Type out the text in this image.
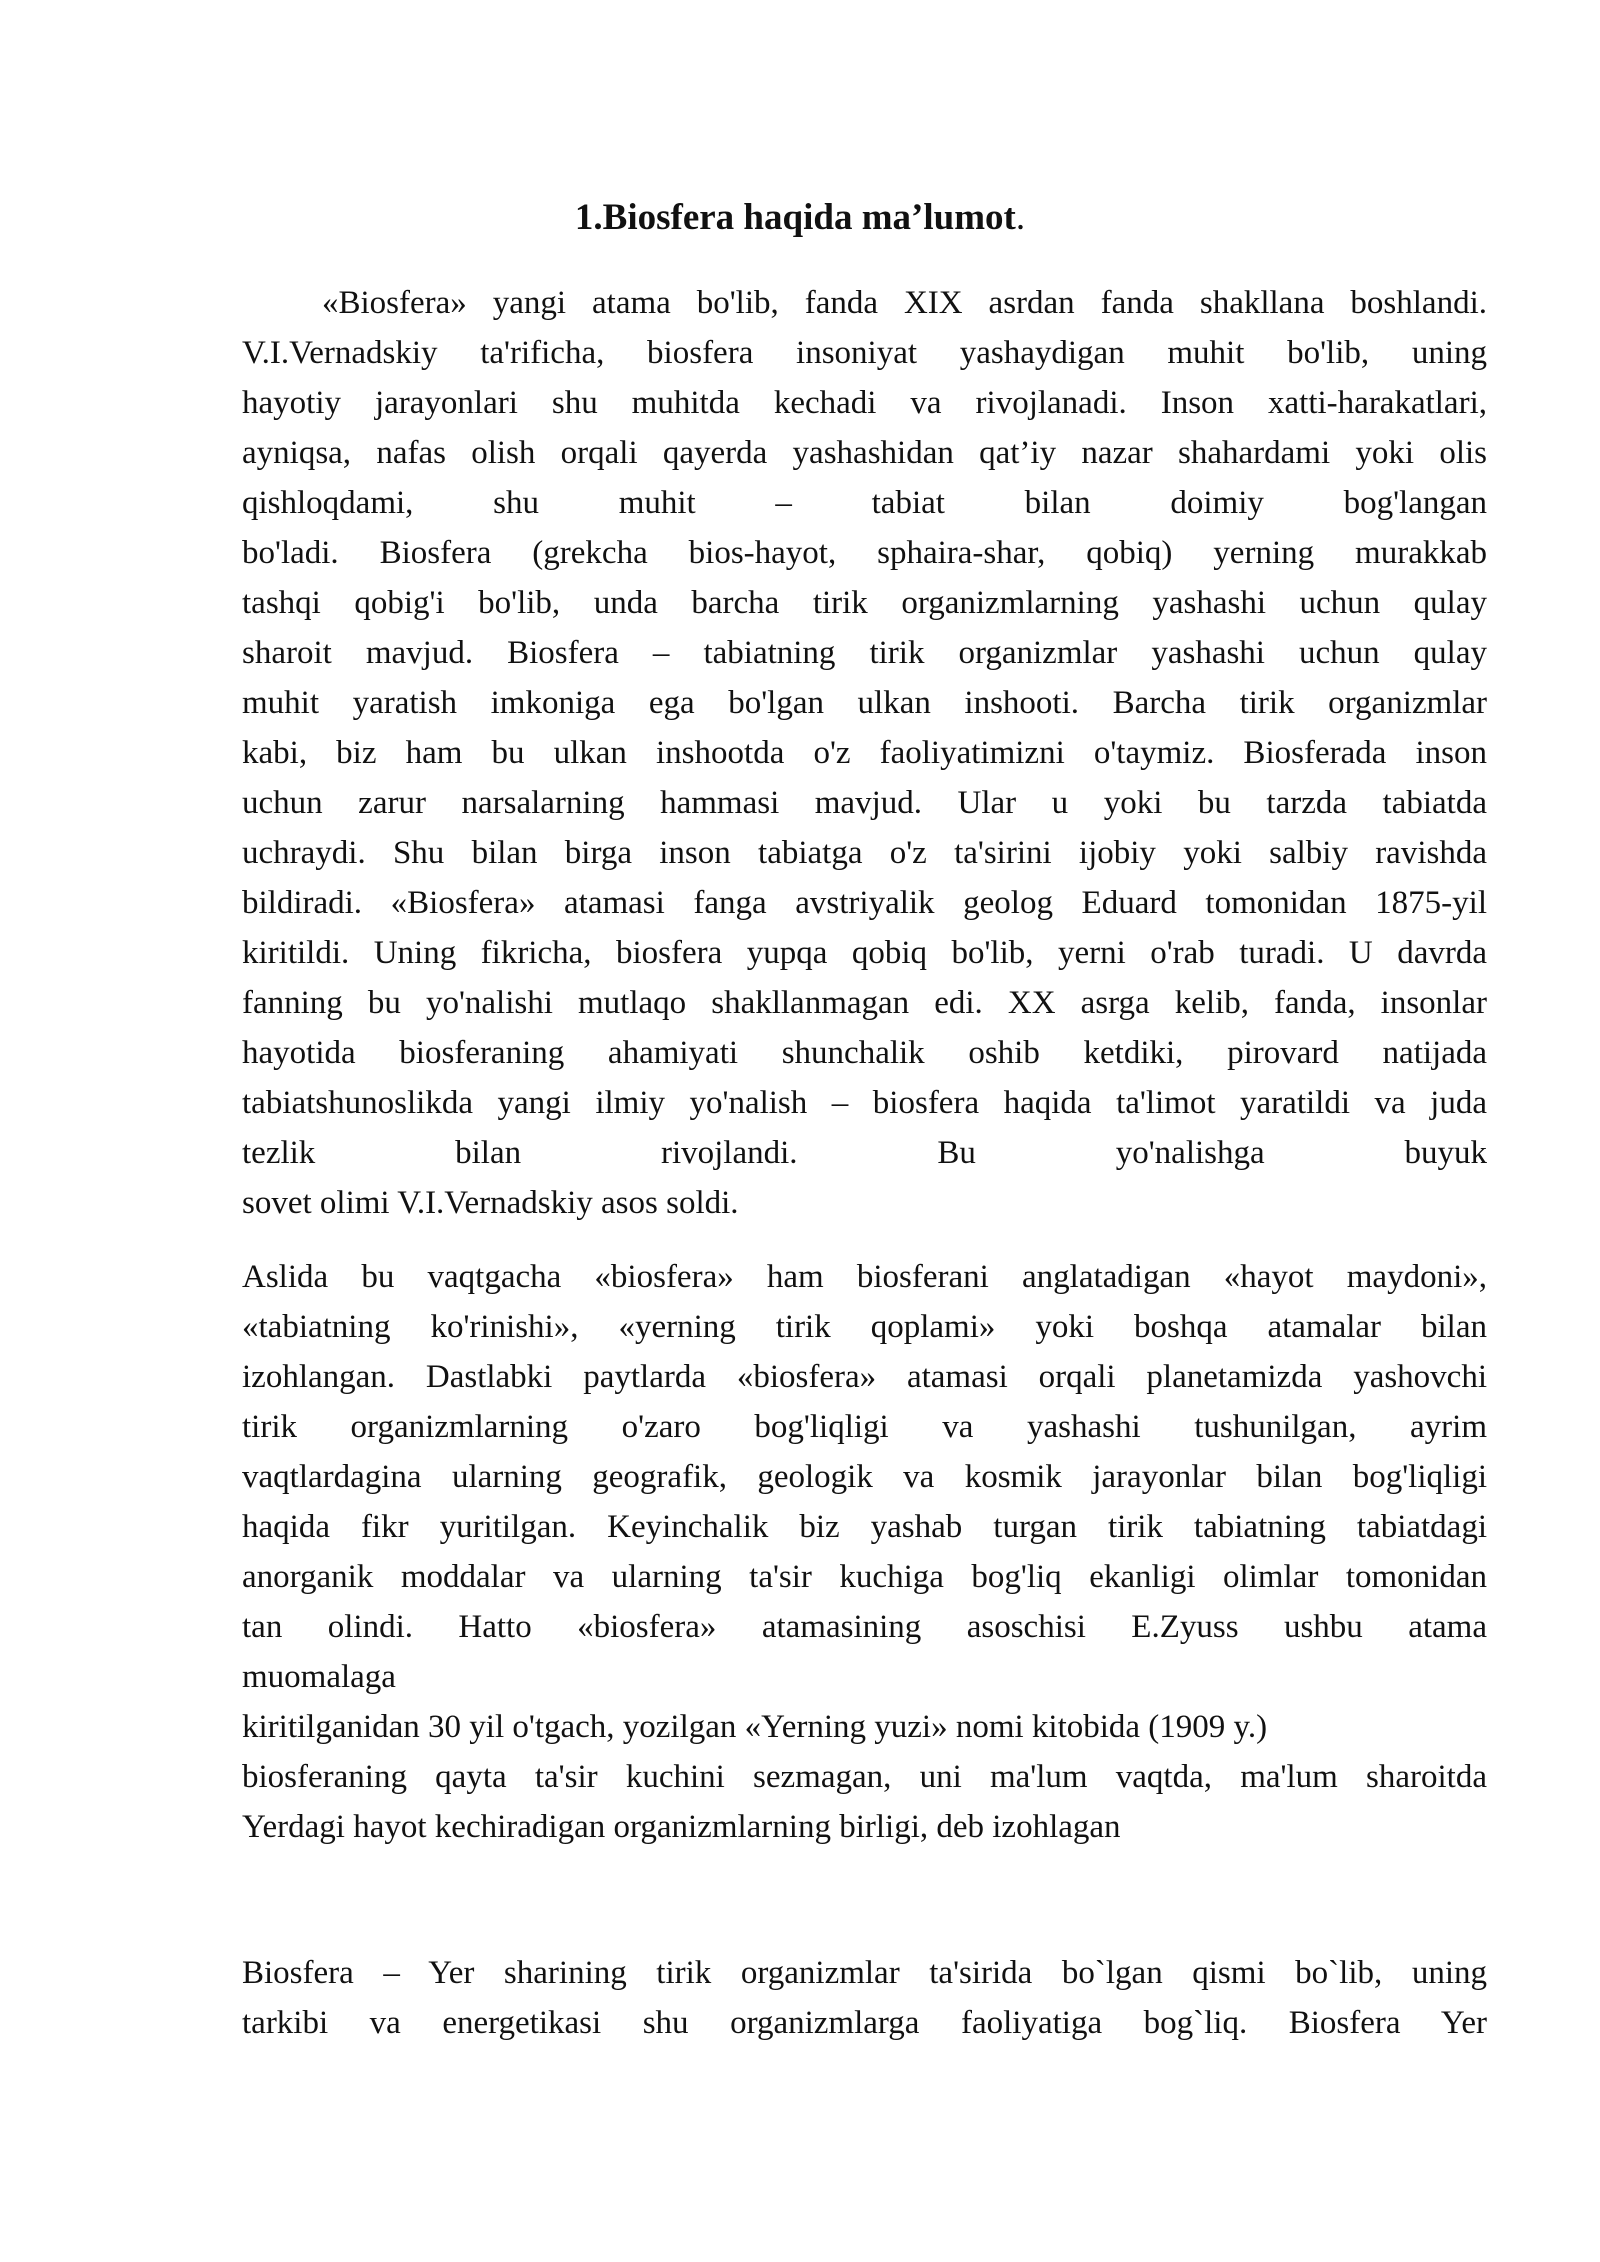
1.Biosfera haqida ma’lumot.
«Biosfera» yangi atama bo'lib, fanda XIX asrdan fanda shakllana boshlandi.
V.I.Vernadskiy ta'rificha, biosfera insoniyat yashaydigan muhit bo'lib, uning
hayotiy jarayonlari shu muhitda kechadi va rivojlanadi. Inson xatti-harakatlari,
ayniqsa, nafas olish orqali qayerda yashashidan qat’iy nazar shahardami yoki olis
qishloqdami, shu muhit – tabiat bilan doimiy bog'langan
bo'ladi. Biosfera (grekcha bios-hayot, sphaira-shar, qobiq) yerning murakkab
tashqi qobig'i bo'lib, unda barcha tirik organizmlarning yashashi uchun qulay
sharoit mavjud. Biosfera – tabiatning tirik organizmlar yashashi uchun qulay
muhit yaratish imkoniga ega bo'lgan ulkan inshooti. Barcha tirik organizmlar
kabi, biz ham bu ulkan inshootda o'z faoliyatimizni o'taymiz. Biosferada inson
uchun zarur narsalarning hammasi mavjud. Ular u yoki bu tarzda tabiatda
uchraydi. Shu bilan birga inson tabiatga o'z ta'sirini ijobiy yoki salbiy ravishda
bildiradi. «Biosfera» atamasi fanga avstriyalik geolog Eduard tomonidan 1875-yil
kiritildi. Uning fikricha, biosfera yupqa qobiq bo'lib, yerni o'rab turadi. U davrda
fanning bu yo'nalishi mutlaqo shakllanmagan edi. XX asrga kelib, fanda, insonlar
hayotida biosferaning ahamiyati shunchalik oshib ketdiki, pirovard natijada
tabiatshunoslikda yangi ilmiy yo'nalish – biosfera haqida ta'limot yaratildi va juda
tezlik bilan rivojlandi. Bu yo'nalishga buyuk
sovet olimi V.I.Vernadskiy asos soldi.
Aslida bu vaqtgacha «biosfera» ham biosferani anglatadigan «hayot maydoni»,
«tabiatning ko'rinishi», «yerning tirik qoplami» yoki boshqa atamalar bilan
izohlangan. Dastlabki paytlarda «biosfera» atamasi orqali planetamizda yashovchi
tirik organizmlarning o'zaro bog'liqligi va yashashi tushunilgan, ayrim
vaqtlardagina ularning geografik, geologik va kosmik jarayonlar bilan bog'liqligi
haqida fikr yuritilgan. Keyinchalik biz yashab turgan tirik tabiatning tabiatdagi
anorganik moddalar va ularning ta'sir kuchiga bog'liq ekanligi olimlar tomonidan
tan olindi. Hatto «biosfera» atamasining asoschisi E.Zyuss ushbu atama
muomalaga
kiritilganidan 30 yil o'tgach, yozilgan «Yerning yuzi» nomi kitobida (1909 y.)
biosferaning qayta ta'sir kuchini sezmagan, uni ma'lum vaqtda, ma'lum sharoitda
Yerdagi hayot kechiradigan organizmlarning birligi, deb izohlagan
Biosfera – Yer sharining tirik organizmlar ta'sirida bo`lgan qismi bo`lib, uning
tarkibi va energetikasi shu organizmlarga faoliyatiga bog`liq. Biosfera Yer
